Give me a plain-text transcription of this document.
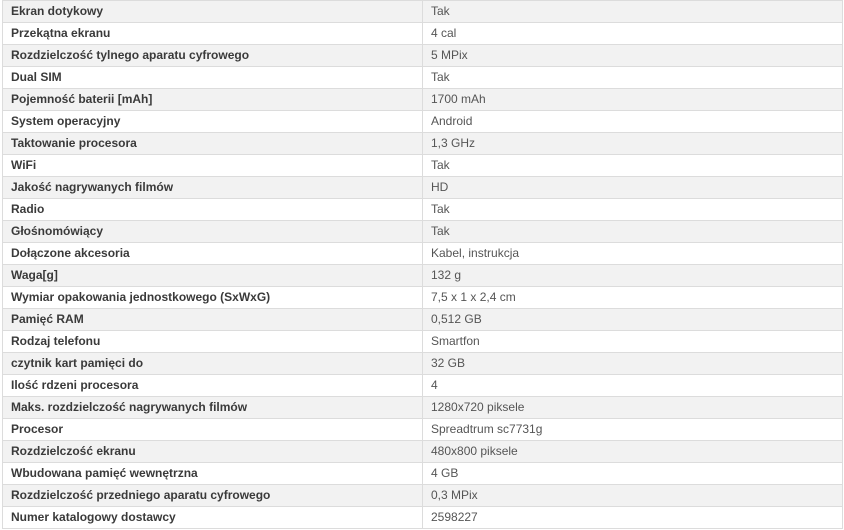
Ekran dotykowy	Tak
Przekątna ekranu	4 cal
Rozdzielczość tylnego aparatu cyfrowego	5 MPix
Dual SIM	Tak
Pojemność baterii [mAh]	1700 mAh
System operacyjny	Android
Taktowanie procesora	1,3 GHz
WiFi	Tak
Jakość nagrywanych filmów	HD
Radio	Tak
Głośnomówiący	Tak
Dołączone akcesoria	Kabel, instrukcja
Waga[g]	132 g
Wymiar opakowania jednostkowego (SxWxG)	7,5 x 1 x 2,4 cm
Pamięć RAM	0,512 GB
Rodzaj telefonu	Smartfon
czytnik kart pamięci do	32 GB
Ilość rdzeni procesora	4
Maks. rozdzielczość nagrywanych filmów	1280x720 piksele
Procesor	Spreadtrum sc7731g
Rozdzielczość ekranu	480x800 piksele
Wbudowana pamięć wewnętrzna	4 GB
Rozdzielczość przedniego aparatu cyfrowego	0,3 MPix
Numer katalogowy dostawcy	2598227
